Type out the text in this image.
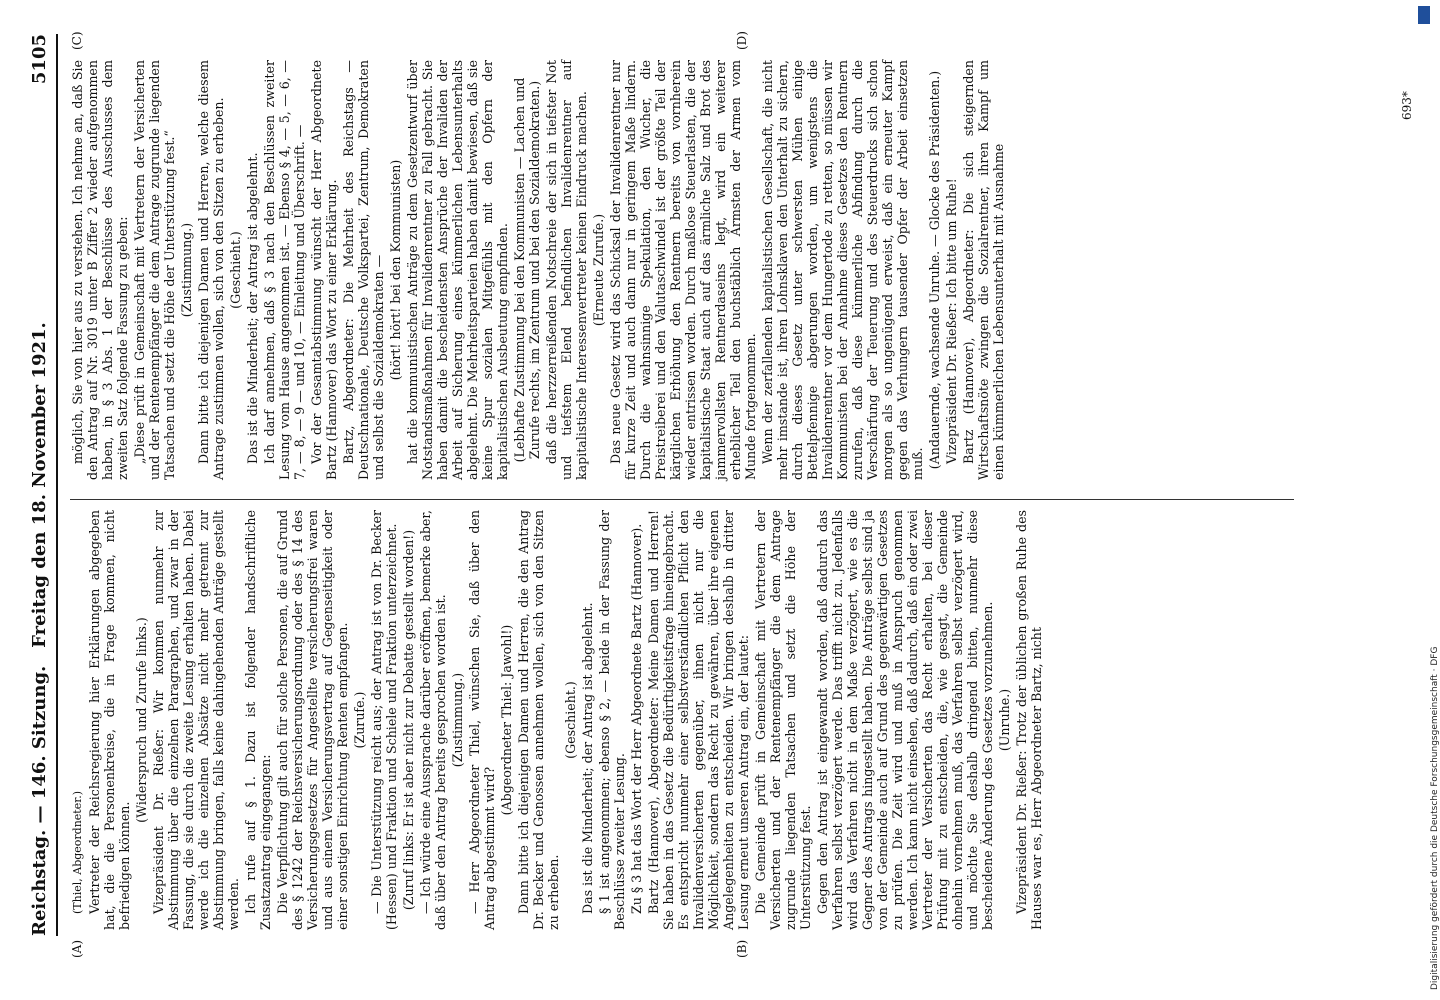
Reichstag. — 146. Sitzung.
Freitag den 18. November 1921.
5105
(A)	(B)
(C)	(D)

(Thiel, Abgeordneter.) Vertreter der Reichsregierung hier Erklärungen abgegeben hat, die die Personenkreise, die in Frage kommen, nicht befriedigen können.

(Widerspruch und Zurufe links.) Vizepräsident Dr. Rießer: Wir kommen nunmehr zur Abstimmung über die einzelnen Paragraphen, und zwar in der Fassung, die sie durch die zweite Lesung erhalten haben. Dabei werde ich die einzelnen Absätze nicht mehr getrennt zur Abstimmung bringen, falls keine dahingehenden Anträge gestellt werden. Ich rufe auf § 1. Dazu ist folgender handschriftliche Zusatzantrag eingegangen: Die Verpflichtung gilt auch für solche Personen, die auf Grund des § 1242 der Reichsversicherungsordnung oder des § 14 des Versicherungsgesetzes für Angestellte versicherungsfrei waren und aus einem Versicherungsvertrag auf Gegenseitigkeit oder einer sonstigen Einrichtung Renten empfangen. (Zurufe.) — Die Unterstützung reicht aus; der Antrag ist von Dr. Becker (Hessen) und Fraktion und Schiele und Fraktion unterzeichnet. (Zuruf links: Er ist aber nicht zur Debatte gestellt worden!) — Ich würde eine Aussprache darüber eröffnen, bemerke aber, daß über den Antrag bereits gesprochen worden ist. (Zustimmung.) — Herr Abgeordneter Thiel, wünschen Sie, daß über den Antrag abgestimmt wird?

(Abgeordneter Thiel: Jawohl!) Dann bitte ich diejenigen Damen und Herren, die den Antrag Dr. Becker und Genossen annehmen wollen, sich von den Sitzen zu erheben.

(Geschieht.) Das ist die Minderheit; der Antrag ist abgelehnt. § 1 ist angenommen; ebenso § 2, — beide in der Fassung der Beschlüsse zweiter Lesung. Zu § 3 hat das Wort der Herr Abgeordnete Bartz (Hannover). Bartz (Hannover), Abgeordneter: Meine Damen und Herren! Sie haben in das Gesetz die Bedürftigkeitsfrage hineingebracht. Es entspricht nunmehr einer selbstverständlichen Pflicht den Invalidenversicherten gegenüber, ihnen nicht nur die Möglichkeit, sondern das Recht zu gewähren, über ihre eigenen Angelegenheiten zu entscheiden. Wir bringen deshalb in dritter Lesung erneut unseren Antrag ein, der lautet: Die Gemeinde prüft in Gemeinschaft mit Vertretern der Versicherten und der Rentenempfänger die dem Antrage zugrunde liegenden Tatsachen und setzt die Höhe der Unterstützung fest. Gegen den Antrag ist eingewandt worden, daß dadurch das Verfahren selbst verzögert werde. Das trifft nicht zu. Jedenfalls wird das Verfahren nicht in dem Maße verzögert, wie es die Gegner des Antrags hingestellt haben. Die Anträge selbst sind ja von der Gemeinde auch auf Grund des gegenwärtigen Gesetzes zu prüfen. Die Zeit wird und muß in Anspruch genommen werden. Ich kann nicht einsehen, daß dadurch, daß ein oder zwei Vertreter der Versicherten das Recht erhalten, bei dieser Prüfung mit zu entscheiden, die, wie gesagt, die Gemeinde ohnehin vornehmen muß, das Verfahren selbst verzögert wird, und möchte Sie deshalb dringend bitten, nunmehr diese bescheidene Änderung des Gesetzes vorzunehmen. (Unruhe.) Vizepräsident Dr. Rießer: Trotz der üblichen großen Ruhe des Hauses war es, Herr Abgeordneter Bartz, nicht

möglich, Sie von hier aus zu verstehen. Ich nehme an, daß Sie den Antrag auf Nr. 3019 unter B Ziffer 2 wieder aufgenommen haben, in § 3 Abs. 1 der Beschlüsse des Ausschusses dem zweiten Satz folgende Fassung zu geben: „Diese prüft in Gemeinschaft mit Vertretern der Versicherten und der Rentenempfänger die dem Antrage zugrunde liegenden Tatsachen und setzt die Höhe der Unterstützung fest.“ (Zustimmung.) Dann bitte ich diejenigen Damen und Herren, welche diesem Antrage zustimmen wollen, sich von den Sitzen zu erheben. (Geschieht.) Das ist die Minderheit; der Antrag ist abgelehnt. Ich darf annehmen, daß § 3 nach den Beschlüssen zweiter Lesung vom Hause angenommen ist. — Ebenso § 4, — 5, — 6, — 7, — 8, — 9 — und 10, — Einleitung und Überschrift. — Vor der Gesamtabstimmung wünscht der Herr Abgeordnete Bartz (Hannover) das Wort zu einer Erklärung. Bartz, Abgeordneter: Die Mehrheit des Reichstags — Deutschnationale, Deutsche Volkspartei, Zentrum, Demokraten und selbst die Sozialdemokraten — (hört! hört! bei den Kommunisten) hat die kommunistischen Anträge zu dem Gesetzentwurf über Notstandsmaßnahmen für Invalidenrentner zu Fall gebracht. Sie haben damit die bescheidensten Ansprüche der Invaliden der Arbeit auf Sicherung eines kümmerlichen Lebensunterhalts abgelehnt. Die Mehrheitsparteien haben damit bewiesen, daß sie keine Spur sozialen Mitgefühls mit den Opfern der kapitalistischen Ausbeutung empfinden. (Lebhafte Zustimmung bei den Kommunisten — Lachen und Zurufe rechts, im Zentrum und bei den Sozialdemokraten.) daß die herzzerreißenden Notschreie der sich in tiefster Not und tiefstem Elend befindlichen Invalidenrentner auf kapitalistische Interessenvertreter keinen Eindruck machen. (Erneute Zurufe.) Das neue Gesetz wird das Schicksal der Invalidenrentner nur für kurze Zeit und auch dann nur in geringem Maße lindern. Durch die wahnsinnige Spekulation, den Wucher, die Preistreiberei und den Valutaschwindel ist der größte Teil der kärglichen Erhöhung den Rentnern bereits von vornherein wieder entrissen worden. Durch maßlose Steuerlasten, die der kapitalistische Staat auch auf das ärmliche Salz und Brot des jammervollsten Rentnerdaseins legt, wird ein weiterer erheblicher Teil den buchstäblich Ärmsten der Armen vom Munde fortgenommen. Wenn der zerfallenden kapitalistischen Gesellschaft, die nicht mehr imstande ist, ihren Lohnsklaven den Unterhalt zu sichern, durch dieses Gesetz unter schwersten Mühen einige Bettelpfennige abgerungen worden, um wenigstens die Invalidenrentner vor dem Hungertode zu retten, so müssen wir Kommunisten bei der Annahme dieses Gesetzes den Rentnern zurufen, daß diese kümmerliche Abfindung durch die Verschärfung der Teuerung und des Steuerdrucks sich schon morgen als so ungenügend erweist, daß ein erneuter Kampf gegen das Verhungern tausender Opfer der Arbeit einsetzen muß. (Andauernde, wachsende Unruhe. — Glocke des Präsidenten.) Vizepräsident Dr. Rießer: Ich bitte um Ruhe! Bartz (Hannover), Abgeordneter: Die sich steigernden Wirtschaftsnöte zwingen die Sozialrentner, ihren Kampf um einen kümmerlichen Lebensunterhalt mit Ausnahme

693*
Digitalisierung gefördert durch die Deutsche Forschungsgemeinschaft · DFG
